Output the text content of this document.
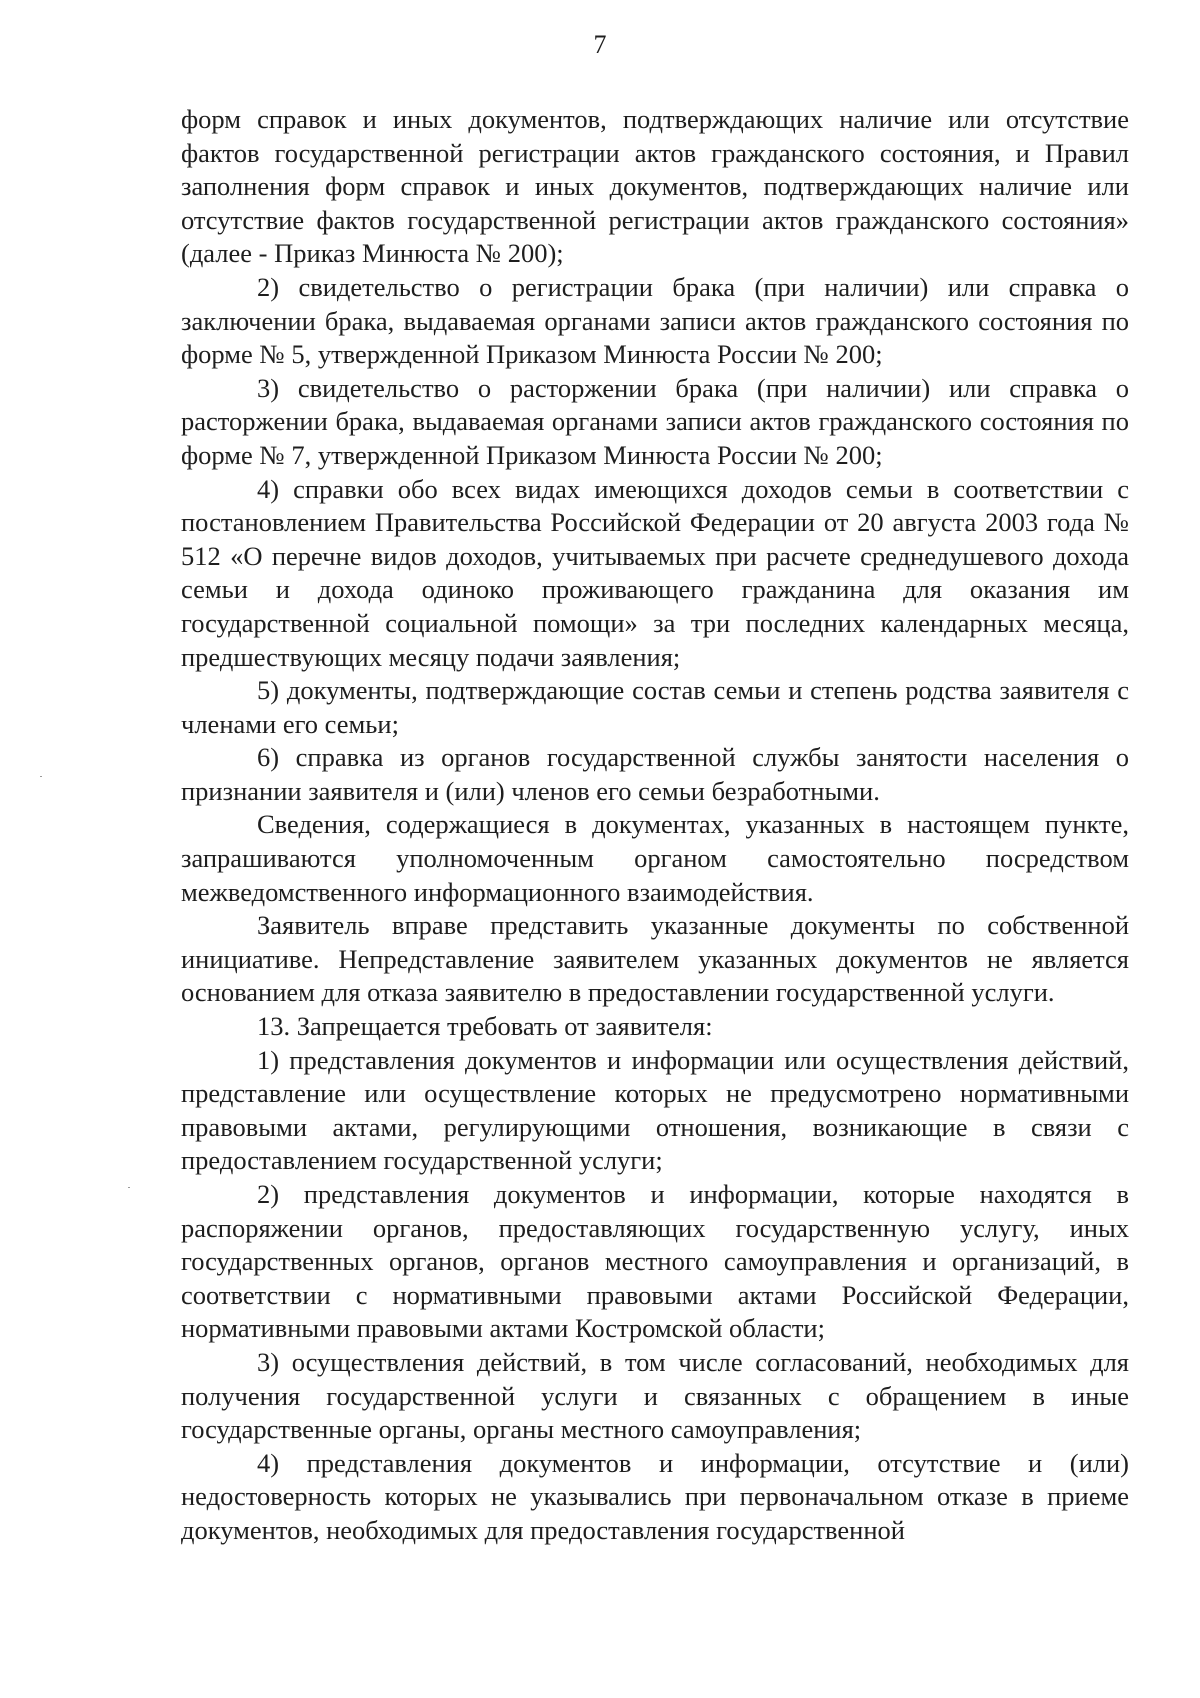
7

форм справок и иных документов, подтверждающих наличие или отсутствие фактов государственной регистрации актов гражданского состояния, и Правил заполнения форм справок и иных документов, подтверждающих наличие или отсутствие фактов государственной регистрации актов гражданского состояния» (далее - Приказ Минюста № 200);

2) свидетельство о регистрации брака (при наличии) или справка о заключении брака, выдаваемая органами записи актов гражданского состояния по форме № 5, утвержденной Приказом Минюста России № 200;

3) свидетельство о расторжении брака (при наличии) или справка о расторжении брака, выдаваемая органами записи актов гражданского состояния по форме № 7, утвержденной Приказом Минюста России № 200;

4) справки обо всех видах имеющихся доходов семьи в соответствии с постановлением Правительства Российской Федерации от 20 августа 2003 года № 512 «О перечне видов доходов, учитываемых при расчете среднедушевого дохода семьи и дохода одиноко проживающего гражданина для оказания им государственной социальной помощи» за три последних календарных месяца, предшествующих месяцу подачи заявления;

5) документы, подтверждающие состав семьи и степень родства заявителя с членами его семьи;

6) справка из органов государственной службы занятости населения о признании заявителя и (или) членов его семьи безработными.

Сведения, содержащиеся в документах, указанных в настоящем пункте, запрашиваются уполномоченным органом самостоятельно посредством межведомственного информационного взаимодействия.

Заявитель вправе представить указанные документы по собственной инициативе. Непредставление заявителем указанных документов не является основанием для отказа заявителю в предоставлении государственной услуги.

13. Запрещается требовать от заявителя:

1) представления документов и информации или осуществления действий, представление или осуществление которых не предусмотрено нормативными правовыми актами, регулирующими отношения, возникающие в связи с предоставлением государственной услуги;

2) представления документов и информации, которые находятся в распоряжении органов, предоставляющих государственную услугу, иных государственных органов, органов местного самоуправления и организаций, в соответствии с нормативными правовыми актами Российской Федерации, нормативными правовыми актами Костромской области;

3) осуществления действий, в том числе согласований, необходимых для получения государственной услуги и связанных с обращением в иные государственные органы, органы местного самоуправления;

4) представления документов и информации, отсутствие и (или) недостоверность которых не указывались при первоначальном отказе в приеме документов, необходимых для предоставления государственной
